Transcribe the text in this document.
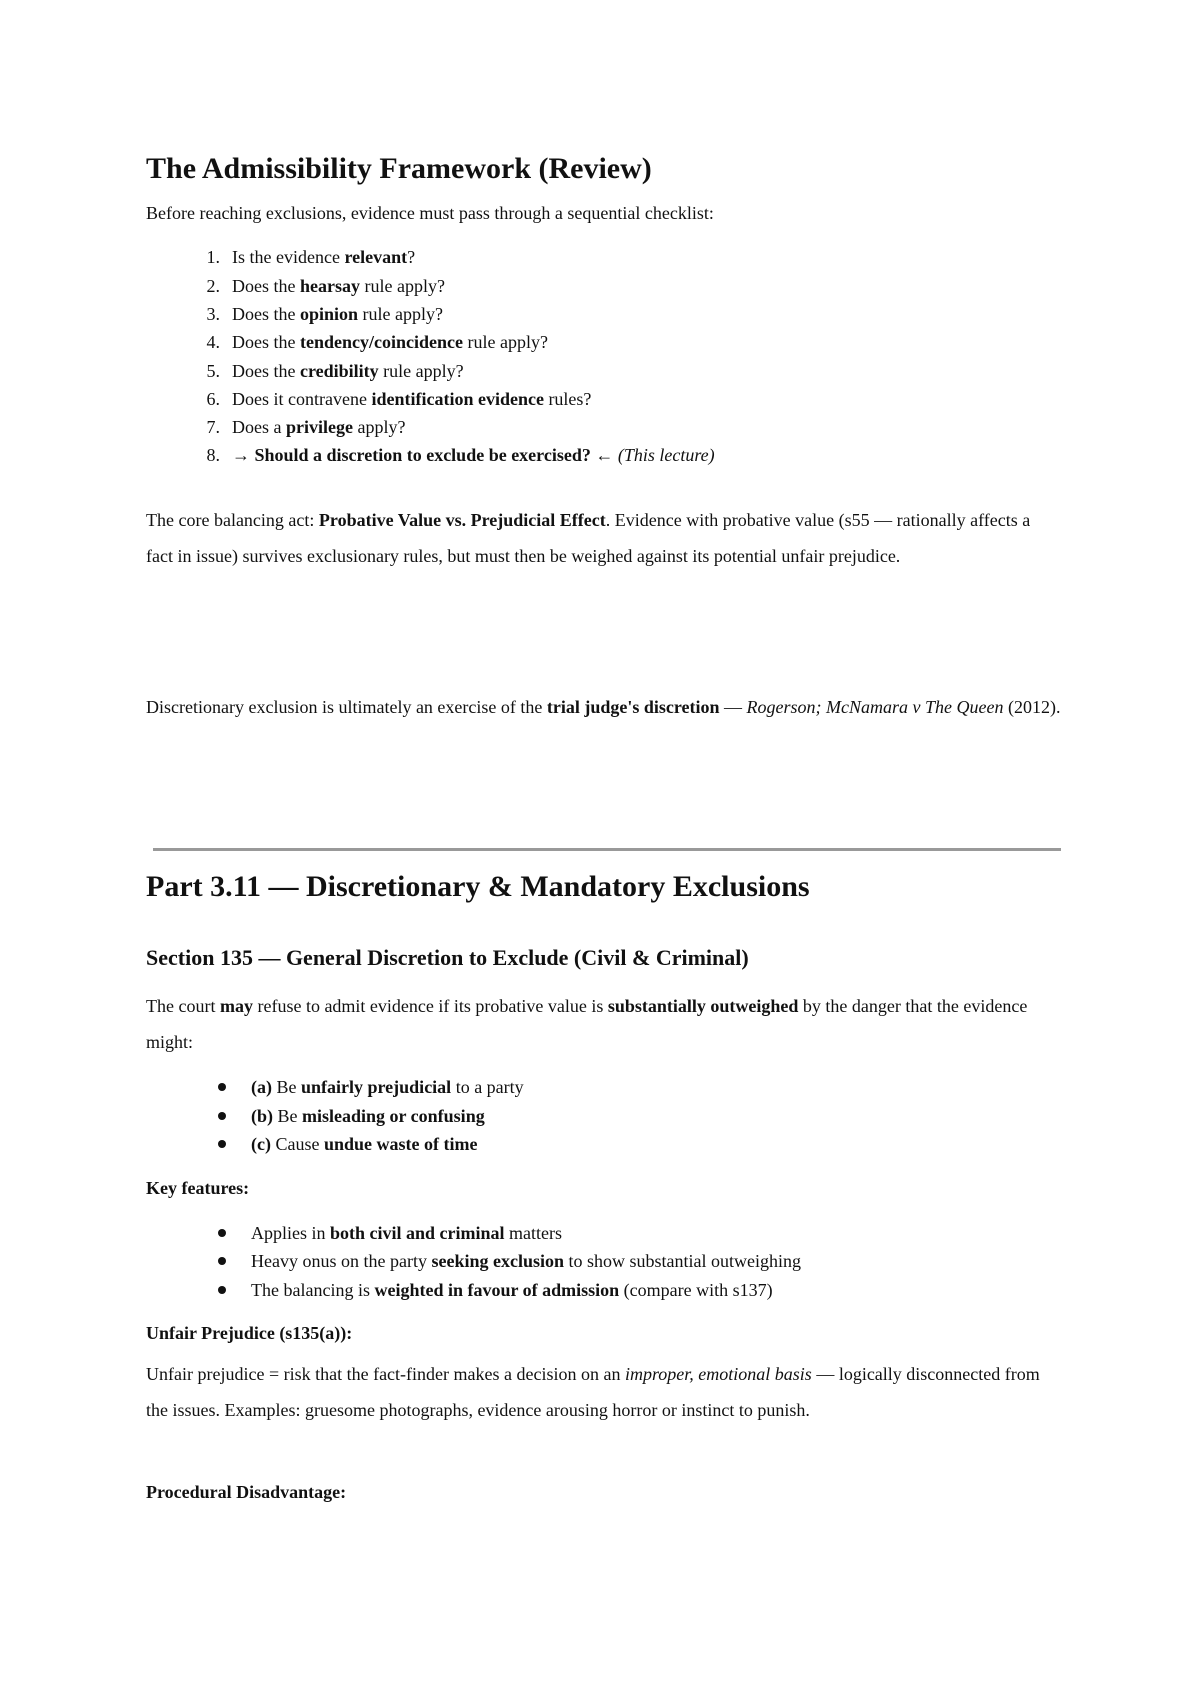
The Admissibility Framework (Review)
Before reaching exclusions, evidence must pass through a sequential checklist:
1. Is the evidence relevant?
2. Does the hearsay rule apply?
3. Does the opinion rule apply?
4. Does the tendency/coincidence rule apply?
5. Does the credibility rule apply?
6. Does it contravene identification evidence rules?
7. Does a privilege apply?
8. → Should a discretion to exclude be exercised? ← (This lecture)

The core balancing act: Probative Value vs. Prejudicial Effect. Evidence with probative value (s55 — rationally affects a fact in issue) survives exclusionary rules, but must then be weighed against its potential unfair prejudice.

Discretionary exclusion is ultimately an exercise of the trial judge's discretion — Rogerson; McNamara v The Queen (2012).

Part 3.11 — Discretionary & Mandatory Exclusions
Section 135 — General Discretion to Exclude (Civil & Criminal)

The court may refuse to admit evidence if its probative value is substantially outweighed by the danger that the evidence might:

(a) Be unfairly prejudicial to a party
(b) Be misleading or confusing
(c) Cause undue waste of time
Key features:
Applies in both civil and criminal matters
Heavy onus on the party seeking exclusion to show substantial outweighing
The balancing is weighted in favour of admission (compare with s137)
Unfair Prejudice (s135(a)):

Unfair prejudice = risk that the fact-finder makes a decision on an improper, emotional basis — logically disconnected from the issues. Examples: gruesome photographs, evidence arousing horror or instinct to punish.

Procedural Disadvantage:
